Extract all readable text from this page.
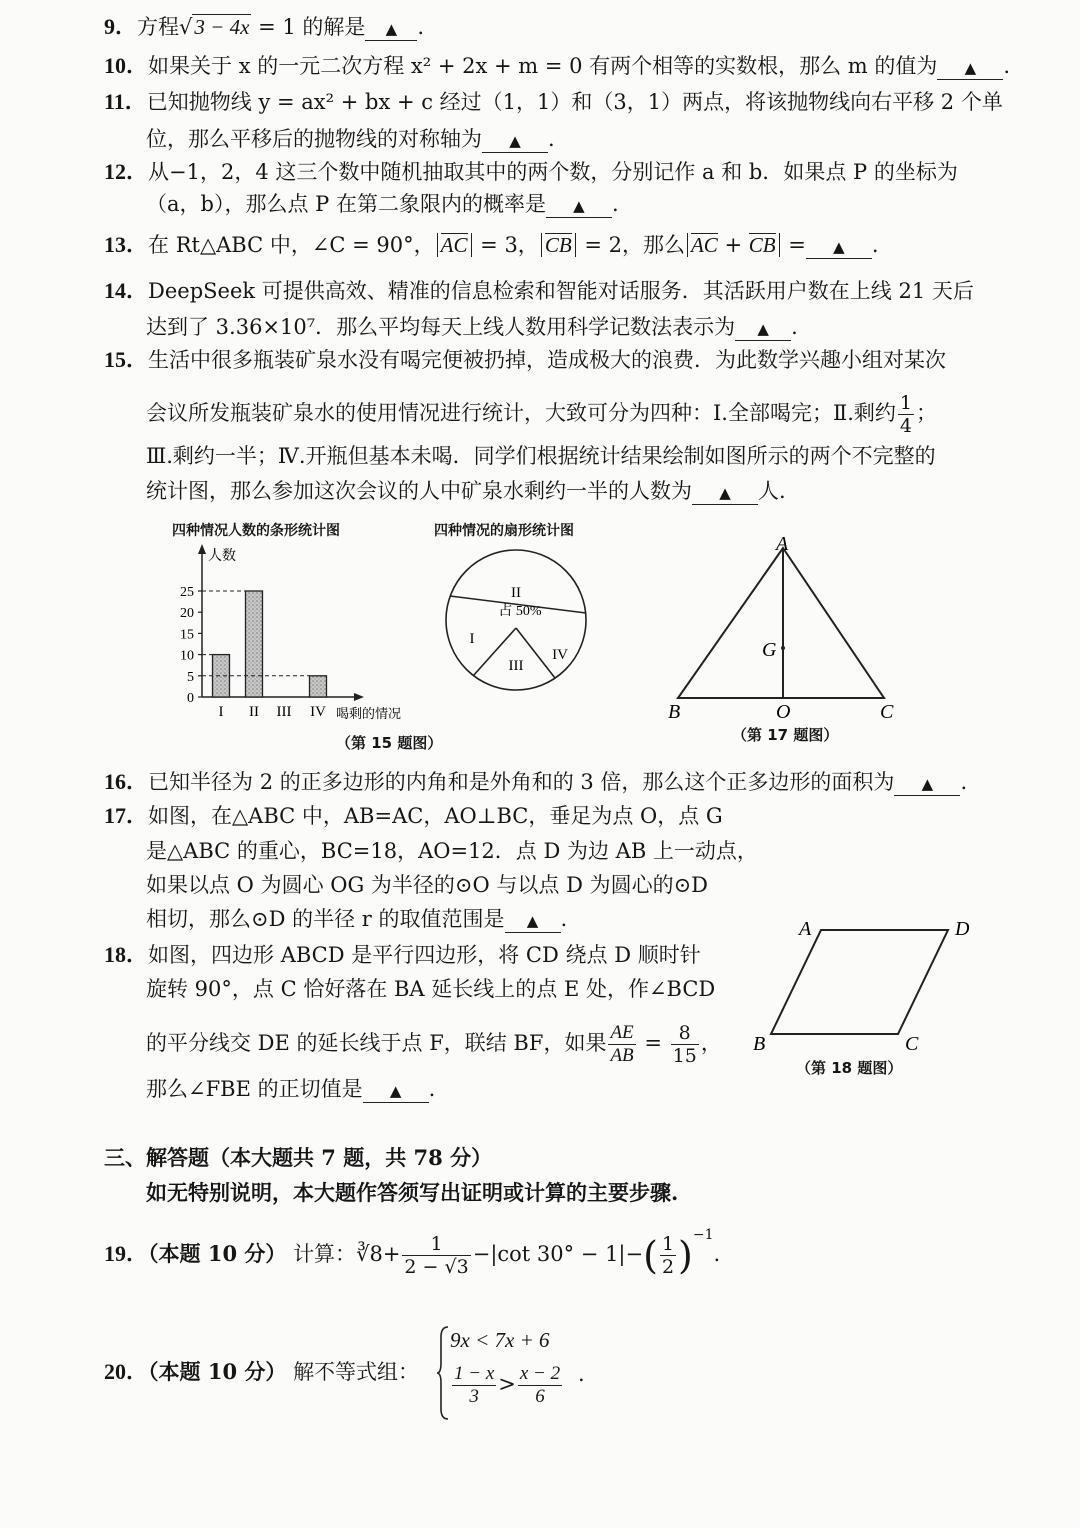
9．方程√3 − 4x = 1 的解是 ▲ .
10．如果关于 x 的一元二次方程 x² + 2x + m = 0 有两个相等的实数根，那么 m 的值为 ▲ .
11．已知抛物线 y = ax² + bx + c 经过（1，1）和（3，1）两点，将该抛物线向右平移 2 个单
位，那么平移后的抛物线的对称轴为 ▲ .
12．从−1，2，4 这三个数中随机抽取其中的两个数，分别记作 a 和 b．如果点 P 的坐标为
（a，b），那么点 P 在第二象限内的概率是 ▲ .
13．在 Rt△ABC 中，∠C = 90°， AC = 3， CB = 2，那么 AC + CB = ▲ .
14．DeepSeek 可提供高效、精准的信息检索和智能对话服务．其活跃用户数在上线 21 天后
达到了 3.36×10⁷．那么平均每天上线人数用科学记数法表示为 ▲ .
15．生活中很多瓶装矿泉水没有喝完便被扔掉，造成极大的浪费．为此数学兴趣小组对某次
会议所发瓶装矿泉水的使用情况进行统计，大致可分为四种：Ⅰ.全部喝完；Ⅱ.剩约 $\frac{1}{4}$ ；
Ⅲ.剩约一半；Ⅳ.开瓶但基本未喝．同学们根据统计结果绘制如图所示的两个不完整的
统计图，那么参加这次会议的人中矿泉水剩约一半的人数为 ▲ 人.
四种情况人数的条形统计图	四种情况的扇形统计图
人数
喝剩的情况
0
5
10
15
20
25
I II III IV
II
占 50%
I
III
IV
A
B	C
O
G
（第 15 题图）	（第 17 题图）
16．已知半径为 2 的正多边形的内角和是外角和的 3 倍，那么这个正多边形的面积为 ▲ .
17．如图，在△ABC 中，AB=AC，AO⊥BC，垂足为点 O，点 G
是△ABC 的重心，BC=18，AO=12．点 D 为边 AB 上一动点，
如果以点 O 为圆心 OG 为半径的⊙O 与以点 D 为圆心的⊙D
相切，那么⊙D 的半径 r 的取值范围是 ▲ .
18．如图，四边形 ABCD 是平行四边形，将 CD 绕点 D 顺时针
旋转 90°，点 C 恰好落在 BA 延长线上的点 E 处，作∠BCD
的平分线交 DE 的延长线于点 F，联结 BF，如果 $\frac{AE}{AB} = \frac{8}{15}$ ，
那么∠FBE 的正切值是 ▲ .
A	D
B	C
（第 18 题图）
三、解答题（本大题共 7 题，共 78 分）
如无特别说明，本大题作答须写出证明或计算的主要步骤.
19．（本题 10 分） 计算：∛8+ $\frac{1}{2 - √3} -|\cot$ $30^\circ - 1|-( \frac{1}{2} )^{-1}$.
20．（本题 10 分） 解不等式组：
9x < 7x + 6
$\frac{1 - x}{3} > \frac{x - 2}{6}$ .
